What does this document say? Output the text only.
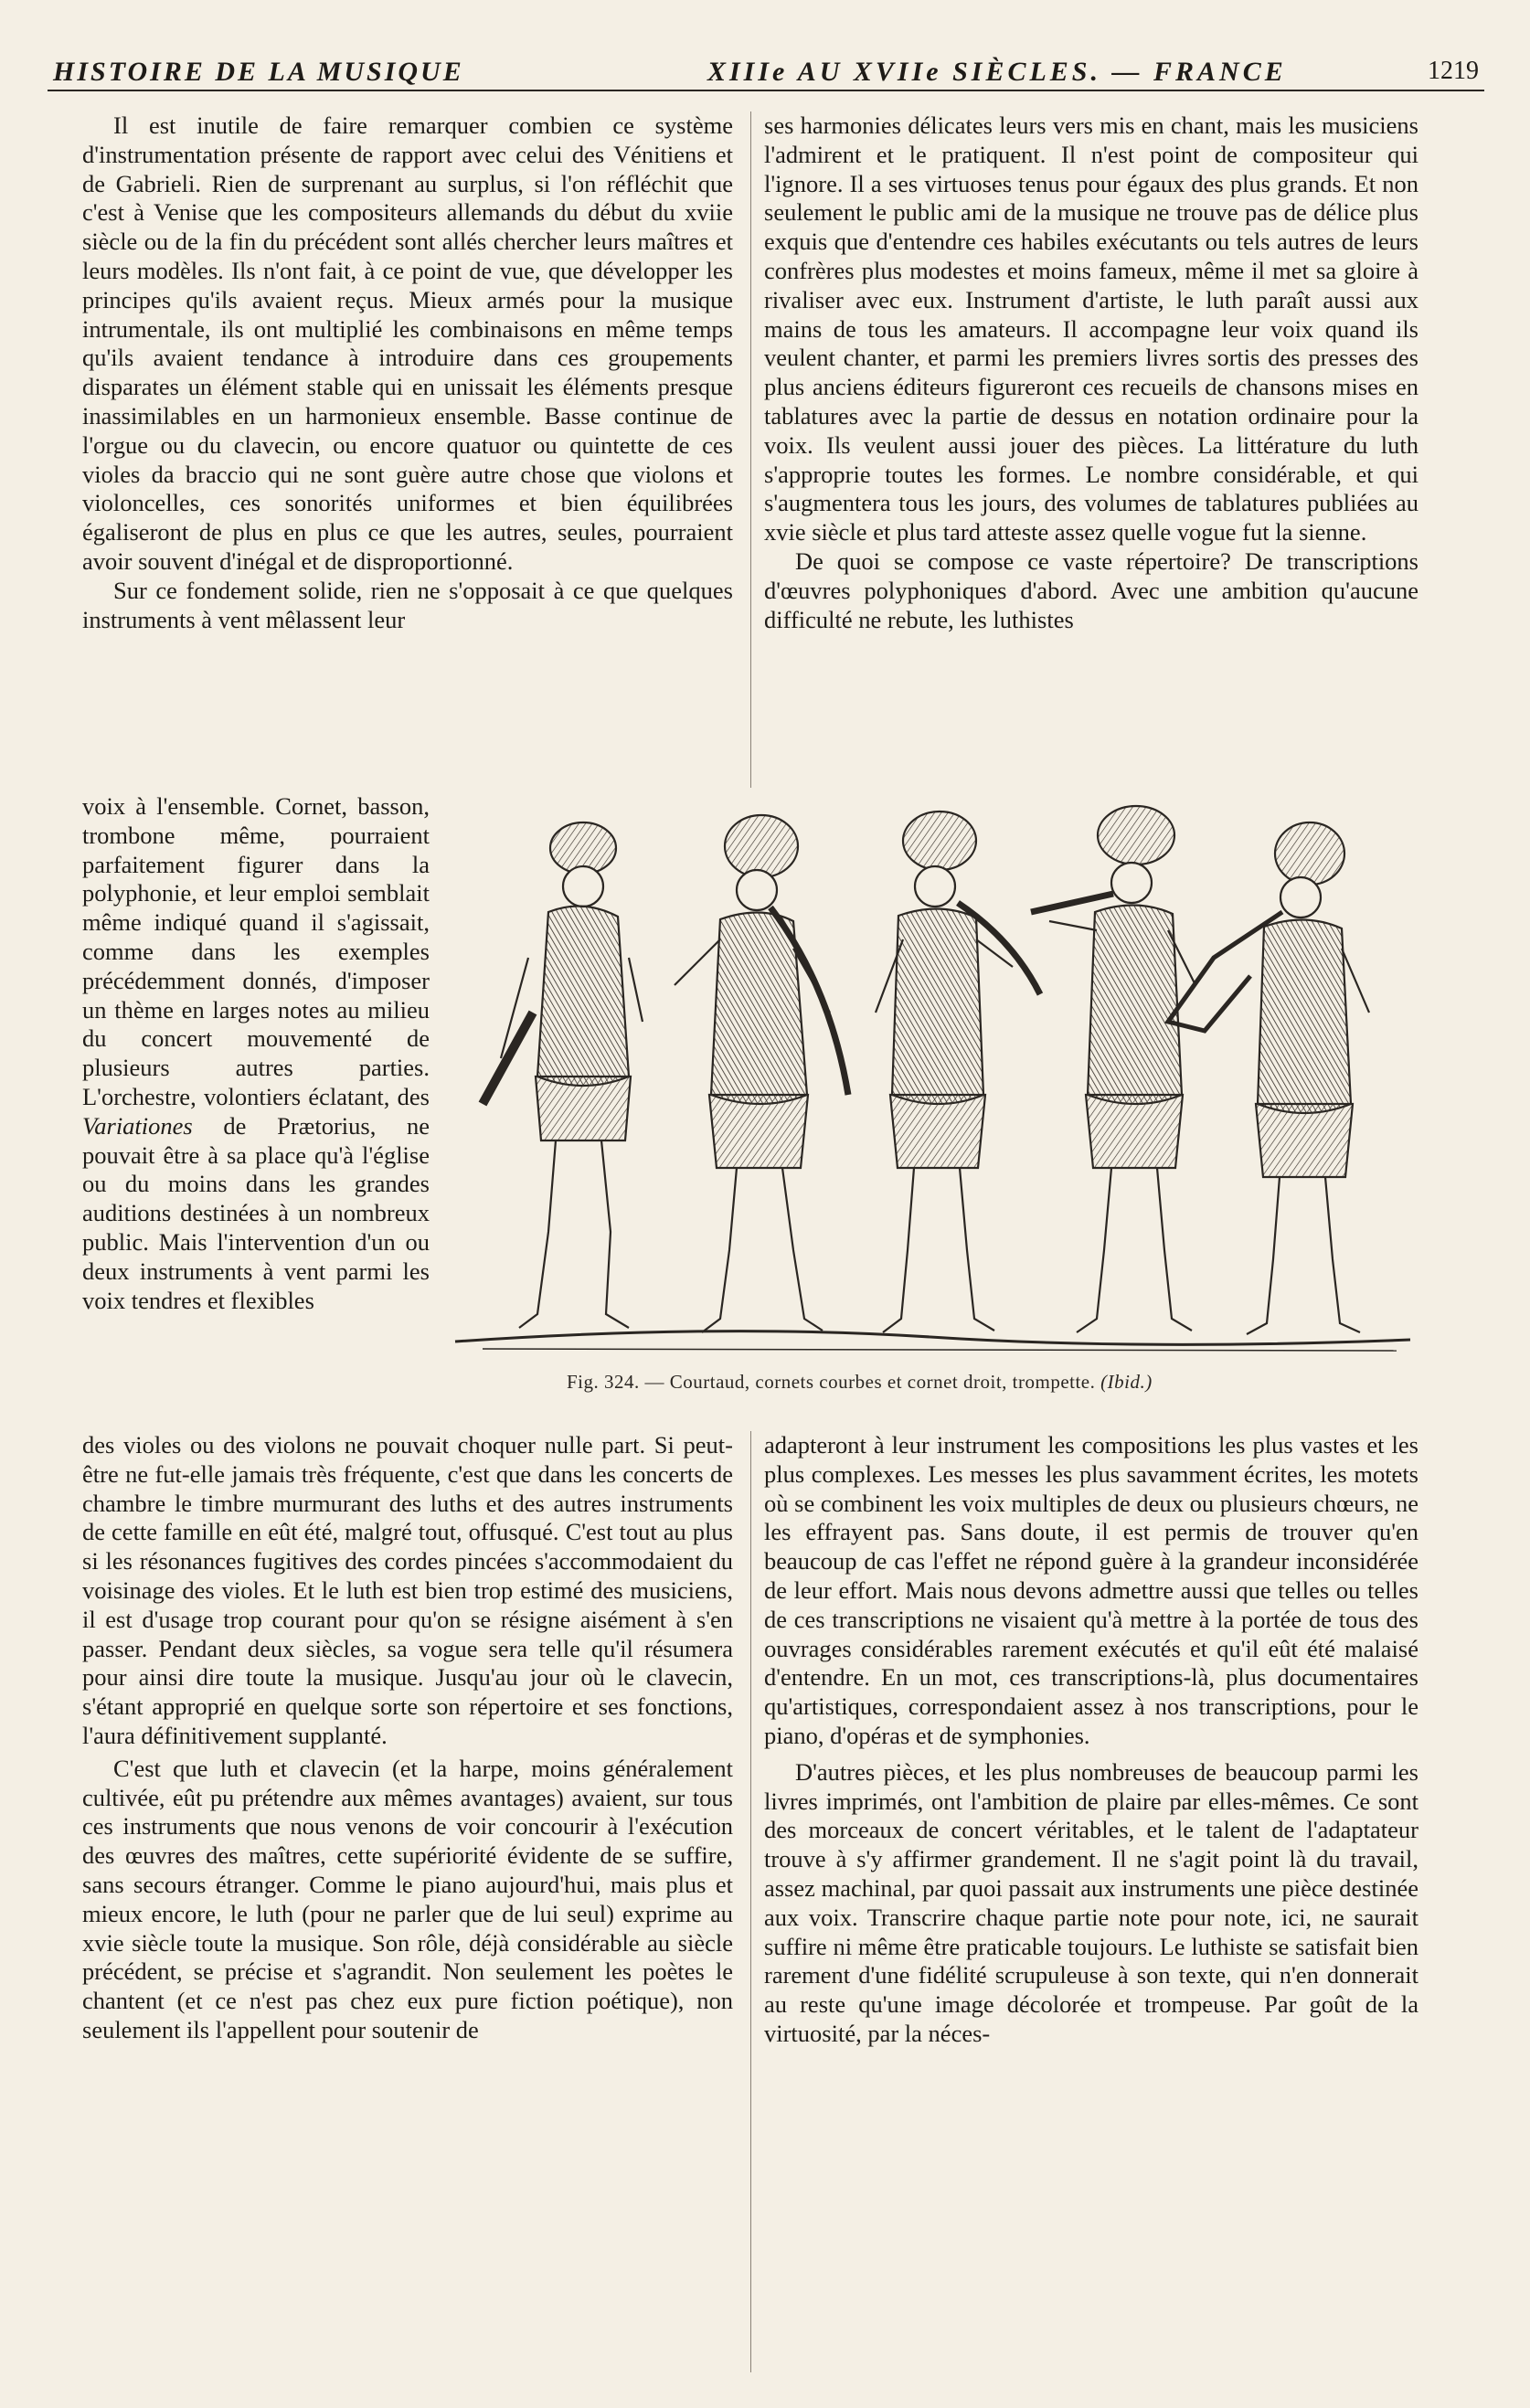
HISTOIRE DE LA MUSIQUE	XIIIe AU XVIIe SIÈCLES. — FRANCE	1219

Il est inutile de faire remarquer combien ce système d'instrumentation présente de rapport avec celui des Vénitiens et de Gabrieli. Rien de surprenant au surplus, si l'on réfléchit que c'est à Venise que les compositeurs allemands du début du xviie siècle ou de la fin du précédent sont allés chercher leurs maîtres et leurs modèles. Ils n'ont fait, à ce point de vue, que développer les principes qu'ils avaient reçus. Mieux armés pour la musique intrumentale, ils ont multiplié les combinaisons en même temps qu'ils avaient tendance à introduire dans ces groupements disparates un élément stable qui en unissait les éléments presque inassimilables en un harmonieux ensemble. Basse continue de l'orgue ou du clavecin, ou encore quatuor ou quintette de ces violes da braccio qui ne sont guère autre chose que violons et violoncelles, ces sonorités uniformes et bien équilibrées égaliseront de plus en plus ce que les autres, seules, pourraient avoir souvent d'inégal et de disproportionné.

Sur ce fondement solide, rien ne s'opposait à ce que quelques instruments à vent mêlassent leur

voix à l'ensemble. Cornet, basson, trombone même, pourraient parfaitement figurer dans la polyphonie, et leur emploi semblait même indiqué quand il s'agissait, comme dans les exemples précédemment donnés, d'imposer un thème en larges notes au milieu du concert mouvementé de plusieurs autres parties. L'orchestre, volontiers éclatant, des Variationes de Prætorius, ne pouvait être à sa place qu'à l'église ou du moins dans les grandes auditions destinées à un nombreux public. Mais l'intervention d'un ou deux instruments à vent parmi les voix tendres et flexibles

des violes ou des violons ne pouvait choquer nulle part. Si peut-être ne fut-elle jamais très fréquente, c'est que dans les concerts de chambre le timbre murmurant des luths et des autres instruments de cette famille en eût été, malgré tout, offusqué. C'est tout au plus si les résonances fugitives des cordes pincées s'accommodaient du voisinage des violes. Et le luth est bien trop estimé des musiciens, il est d'usage trop courant pour qu'on se résigne aisément à s'en passer. Pendant deux siècles, sa vogue sera telle qu'il résumera pour ainsi dire toute la musique. Jusqu'au jour où le clavecin, s'étant approprié en quelque sorte son répertoire et ses fonctions, l'aura définitivement supplanté.

C'est que luth et clavecin (et la harpe, moins généralement cultivée, eût pu prétendre aux mêmes avantages) avaient, sur tous ces instruments que nous venons de voir concourir à l'exécution des œuvres des maîtres, cette supériorité évidente de se suffire, sans secours étranger. Comme le piano aujourd'hui, mais plus et mieux encore, le luth (pour ne parler que de lui seul) exprime au xvie siècle toute la musique. Son rôle, déjà considérable au siècle précédent, se précise et s'agrandit. Non seulement les poètes le chantent (et ce n'est pas chez eux pure fiction poétique), non seulement ils l'appellent pour soutenir de

ses harmonies délicates leurs vers mis en chant, mais les musiciens l'admirent et le pratiquent. Il n'est point de compositeur qui l'ignore. Il a ses virtuoses tenus pour égaux des plus grands. Et non seulement le public ami de la musique ne trouve pas de délice plus exquis que d'entendre ces habiles exécutants ou tels autres de leurs confrères plus modestes et moins fameux, même il met sa gloire à rivaliser avec eux. Instrument d'artiste, le luth paraît aussi aux mains de tous les amateurs. Il accompagne leur voix quand ils veulent chanter, et parmi les premiers livres sortis des presses des plus anciens éditeurs figureront ces recueils de chansons mises en tablatures avec la partie de dessus en notation ordinaire pour la voix. Ils veulent aussi jouer des pièces. La littérature du luth s'approprie toutes les formes. Le nombre considérable, et qui s'augmentera tous les jours, des volumes de tablatures publiées au xvie siècle et plus tard atteste assez quelle vogue fut la sienne.

De quoi se compose ce vaste répertoire? De transcriptions d'œuvres polyphoniques d'abord. Avec une ambition qu'aucune difficulté ne rebute, les luthistes

adapteront à leur instrument les compositions les plus vastes et les plus complexes. Les messes les plus savamment écrites, les motets où se combinent les voix multiples de deux ou plusieurs chœurs, ne les effrayent pas. Sans doute, il est permis de trouver qu'en beaucoup de cas l'effet ne répond guère à la grandeur inconsidérée de leur effort. Mais nous devons admettre aussi que telles ou telles de ces transcriptions ne visaient qu'à mettre à la portée de tous des ouvrages considérables rarement exécutés et qu'il eût été malaisé d'entendre. En un mot, ces transcriptions-là, plus documentaires qu'artistiques, correspondaient assez à nos transcriptions, pour le piano, d'opéras et de symphonies.

D'autres pièces, et les plus nombreuses de beaucoup parmi les livres imprimés, ont l'ambition de plaire par elles-mêmes. Ce sont des morceaux de concert véritables, et le talent de l'adaptateur trouve à s'y affirmer grandement. Il ne s'agit point là du travail, assez machinal, par quoi passait aux instruments une pièce destinée aux voix. Transcrire chaque partie note pour note, ici, ne saurait suffire ni même être praticable toujours. Le luthiste se satisfait bien rarement d'une fidélité scrupuleuse à son texte, qui n'en donnerait au reste qu'une image décolorée et trompeuse. Par goût de la virtuosité, par la néces-

Fig. 324. — Courtaud, cornets courbes et cornet droit, trompette. (Ibid.)
